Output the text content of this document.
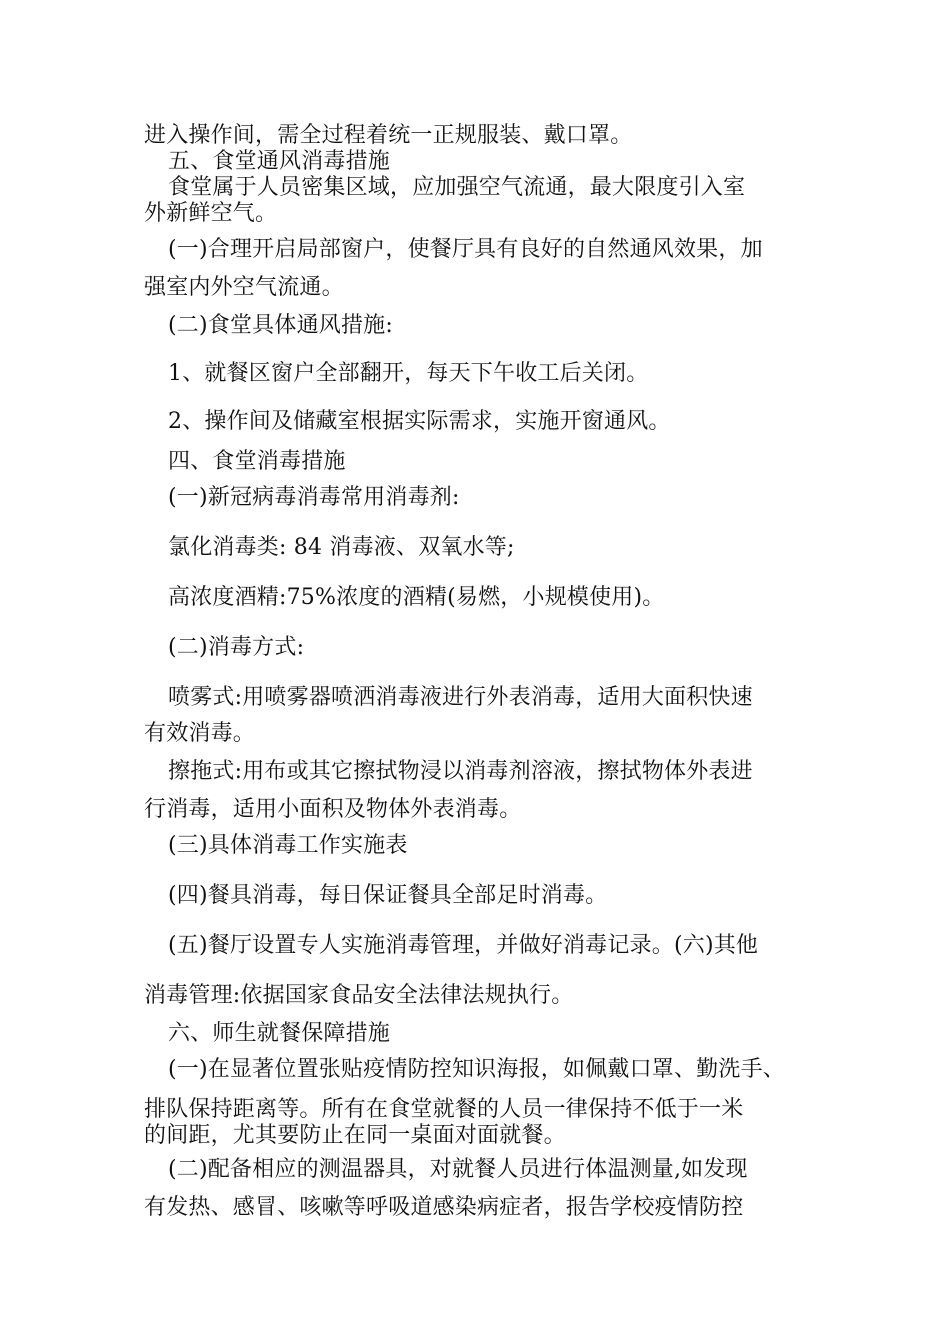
进入操作间，需全过程着统一正规服装、戴口罩。
五、食堂通风消毒措施
食堂属于人员密集区域，应加强空气流通，最大限度引入室
外新鲜空气。
(一)合理开启局部窗户，使餐厅具有良好的自然通风效果，加
强室内外空气流通。
(二)食堂具体通风措施:
1、就餐区窗户全部翻开，每天下午收工后关闭。
2、操作间及储藏室根据实际需求，实施开窗通风。
四、食堂消毒措施
(一)新冠病毒消毒常用消毒剂:
氯化消毒类: 84 消毒液、双氧水等;
高浓度酒精:75%浓度的酒精(易燃，小规模使用)。
(二)消毒方式:
喷雾式:用喷雾器喷洒消毒液进行外表消毒，适用大面积快速
有效消毒。
擦拖式:用布或其它擦拭物浸以消毒剂溶液，擦拭物体外表进
行消毒，适用小面积及物体外表消毒。
(三)具体消毒工作实施表
(四)餐具消毒，每日保证餐具全部足时消毒。
(五)餐厅设置专人实施消毒管理，并做好消毒记录。(六)其他
消毒管理:依据国家食品安全法律法规执行。
六、师生就餐保障措施
(一)在显著位置张贴疫情防控知识海报，如佩戴口罩、勤洗手、
排队保持距离等。所有在食堂就餐的人员一律保持不低于一米
的间距，尤其要防止在同一桌面对面就餐。
(二)配备相应的测温器具，对就餐人员进行体温测量,如发现
有发热、感冒、咳嗽等呼吸道感染病症者，报告学校疫情防控
